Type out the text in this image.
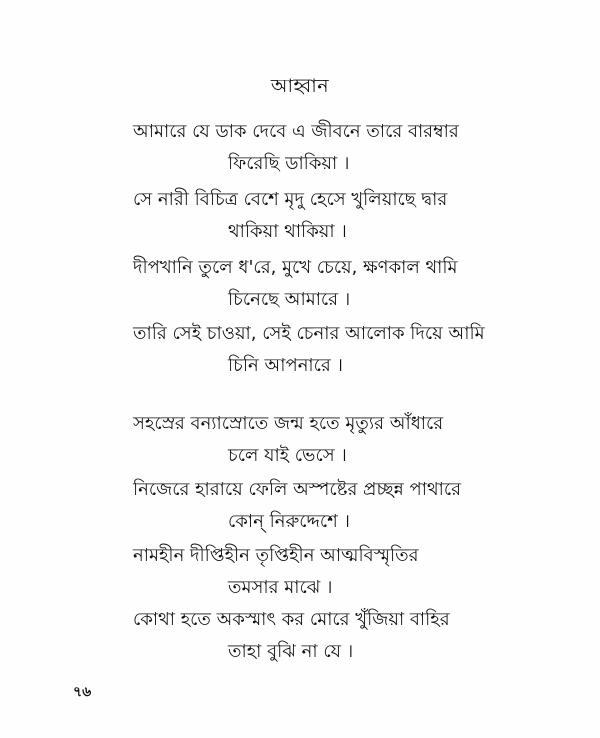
আহ্বান
আমারে যে ডাক দেবে এ জীবনে তারে বারম্বার
ফিরেছি ডাকিয়া ।
সে নারী বিচিত্র বেশে মৃদু হেসে খুলিয়াছে দ্বার
থাকিয়া থাকিয়া ।
দীপখানি তুলে ধ'রে, মুখে চেয়ে, ক্ষণকাল থামি
চিনেছে আমারে ।
তারি সেই চাওয়া, সেই চেনার আলোক দিয়ে আমি
চিনি আপনারে ।
সহস্রের বন্যাস্রোতে জন্ম হতে মৃত্যুর আঁধারে
চলে যাই ভেসে ।
নিজেরে হারায়ে ফেলি অস্পষ্টের প্রচ্ছন্ন পাথারে
কোন্ নিরুদ্দেশে ।
নামহীন দীপ্তিহীন তৃপ্তিহীন আত্মবিস্মৃতির
তমসার মাঝে ।
কোথা হতে অকস্মাৎ কর মোরে খুঁজিয়া বাহির
তাহা বুঝি না যে ।
৭৬
